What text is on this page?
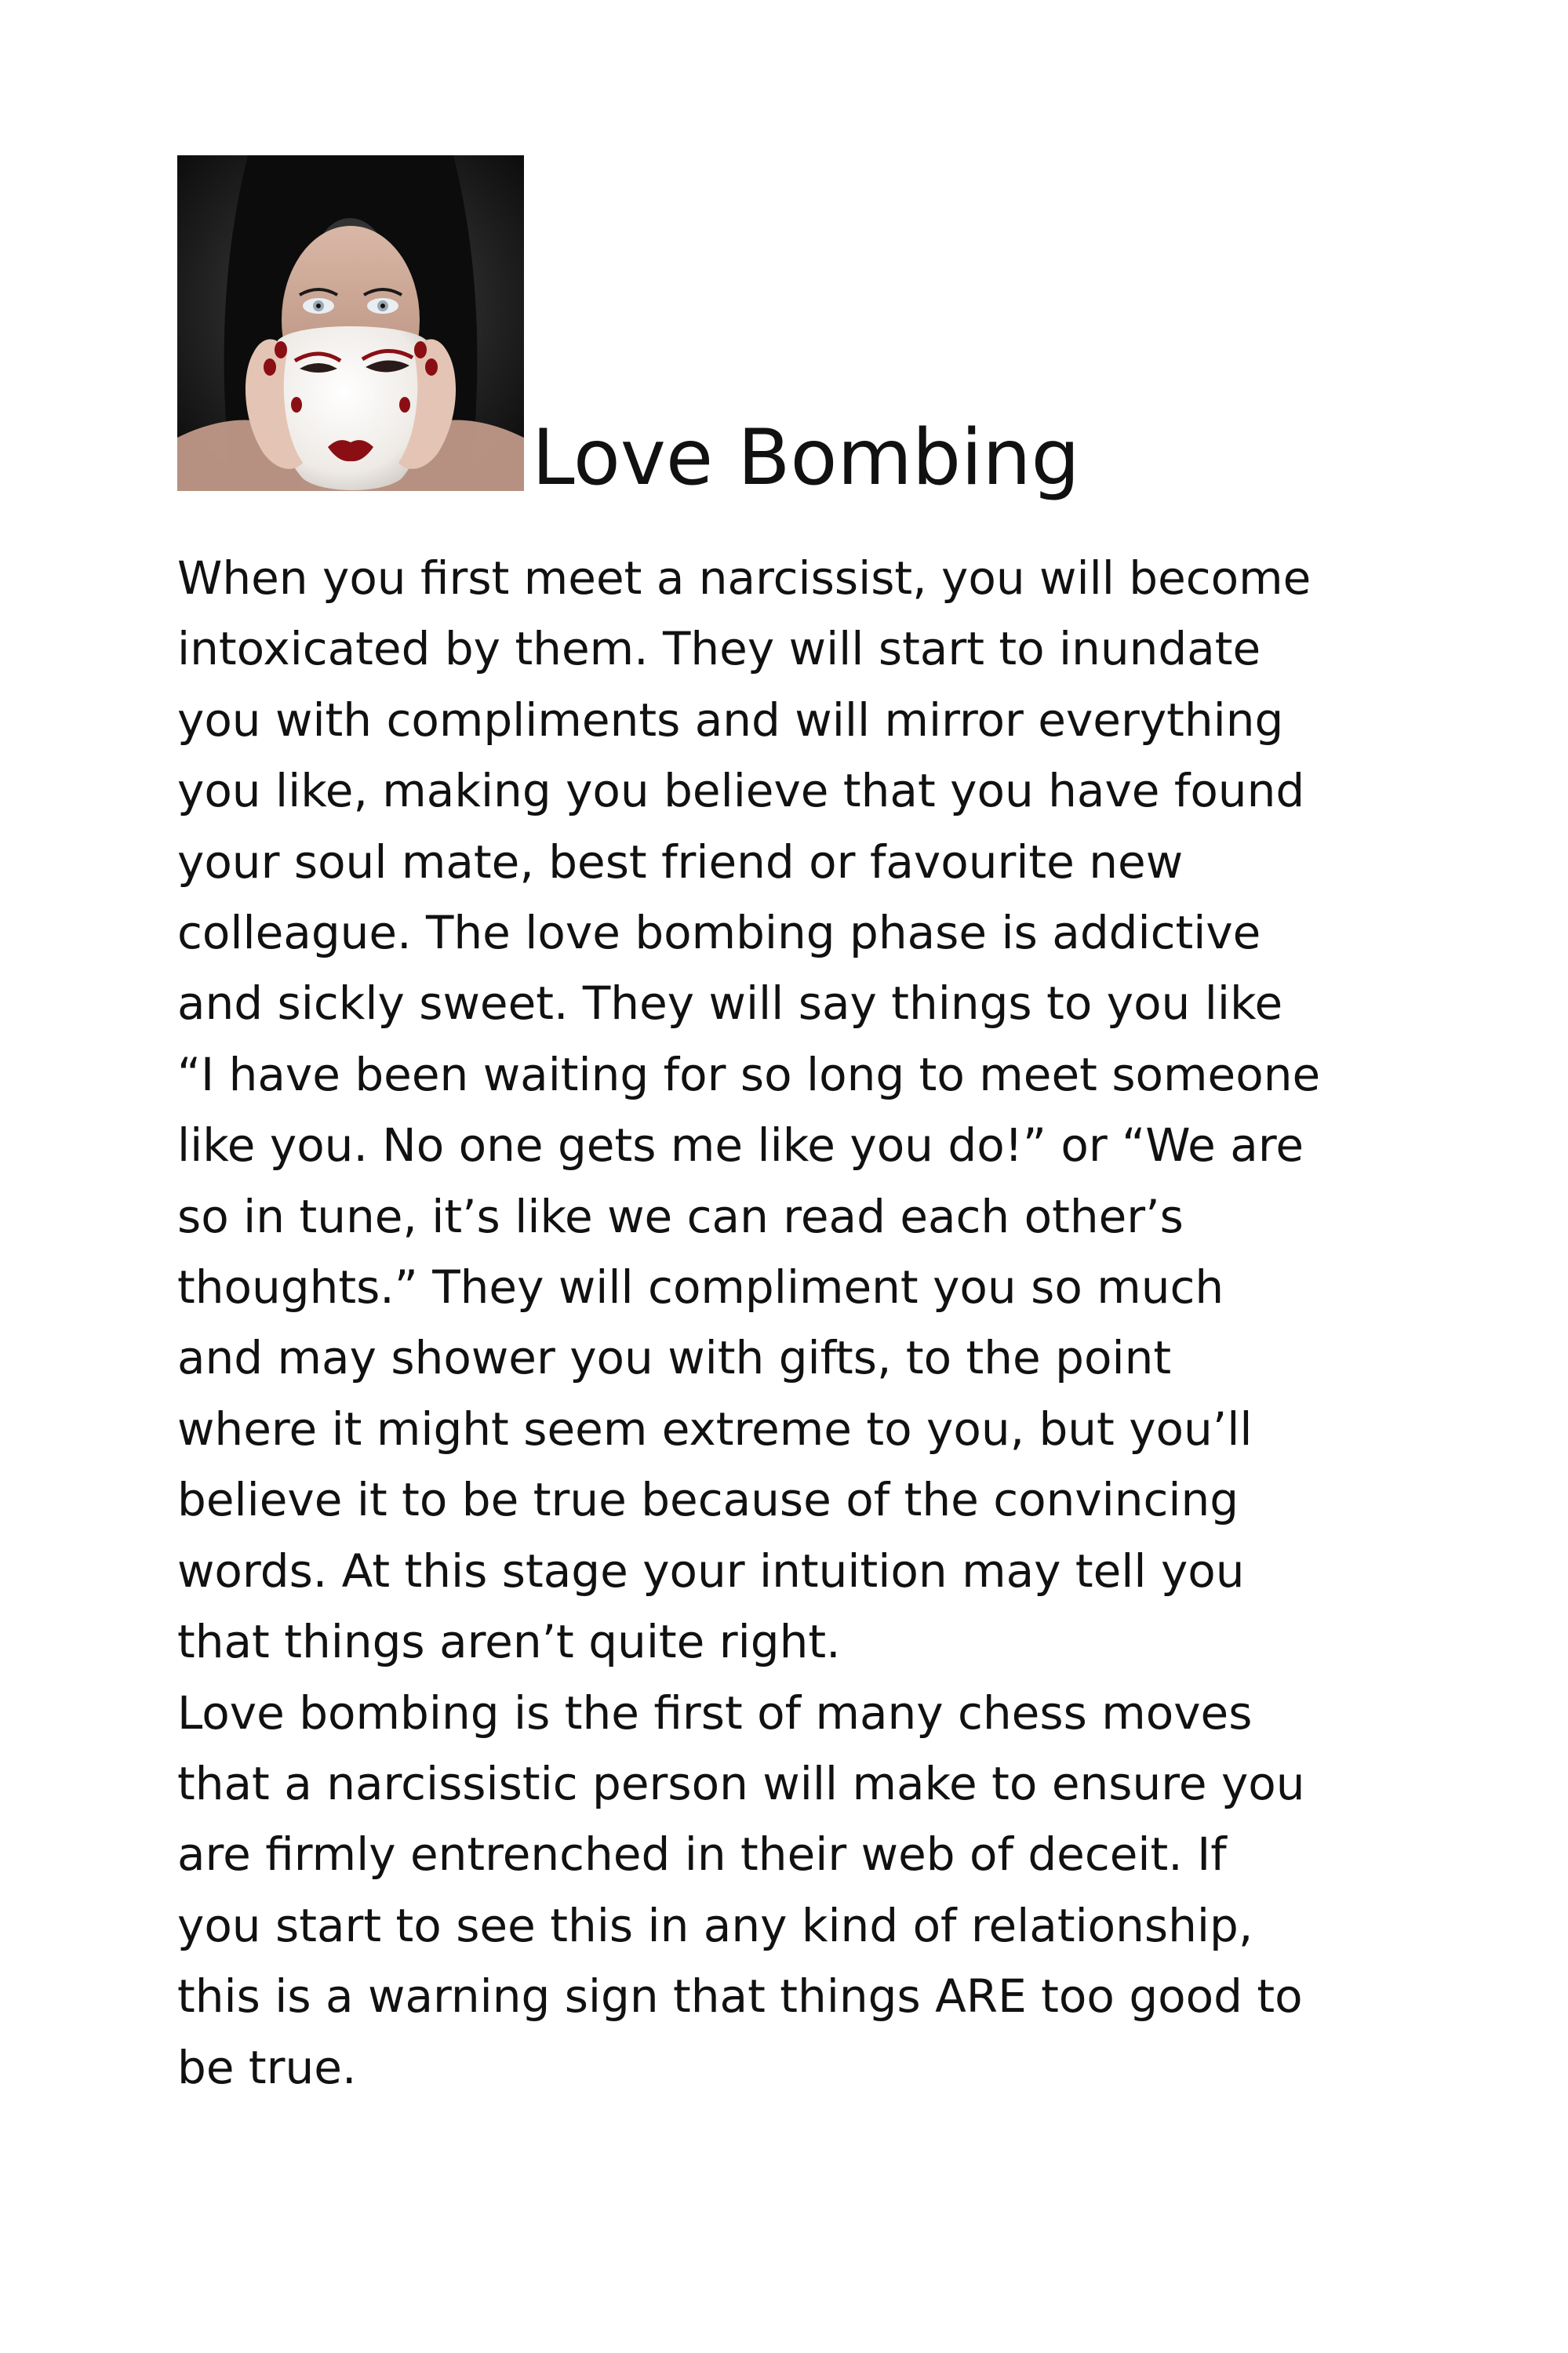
Love Bombing

When you first meet a narcissist, you will become
intoxicated by them. They will start to inundate
you with compliments and will mirror everything
you like, making you believe that you have found
your soul mate, best friend or favourite new
colleague. The love bombing phase is addictive
and sickly sweet. They will say things to you like
“I have been waiting for so long to meet someone
like you. No one gets me like you do!” or “We are
so in tune, it’s like we can read each other’s
thoughts.” They will compliment you so much
and may shower you with gifts, to the point
where it might seem extreme to you, but you’ll
believe it to be true because of the convincing
words. At this stage your intuition may tell you
that things aren’t quite right.
Love bombing is the first of many chess moves
that a narcissistic person will make to ensure you
are firmly entrenched in their web of deceit. If
you start to see this in any kind of relationship,
this is a warning sign that things ARE too good to
be true.
